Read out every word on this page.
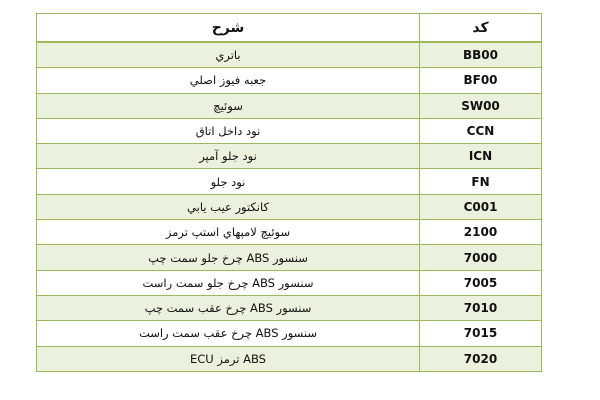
شرح	کد
باتري	BB00
جعبه فيوز اصلي	BF00
سوئيچ	SW00
نود داخل اتاق	CCN
نود جلو آمپر	ICN
نود جلو	FN
كانكتور عيب يابي	C001
سوئيچ لامپهاي استپ ترمز	2100
سنسور ABS چرخ جلو سمت چپ	7000
سنسور ABS چرخ جلو سمت راست	7005
سنسور ABS چرخ عقب سمت چپ	7010
سنسور ABS چرخ عقب سمت راست	7015
ECU ترمز ABS	7020
